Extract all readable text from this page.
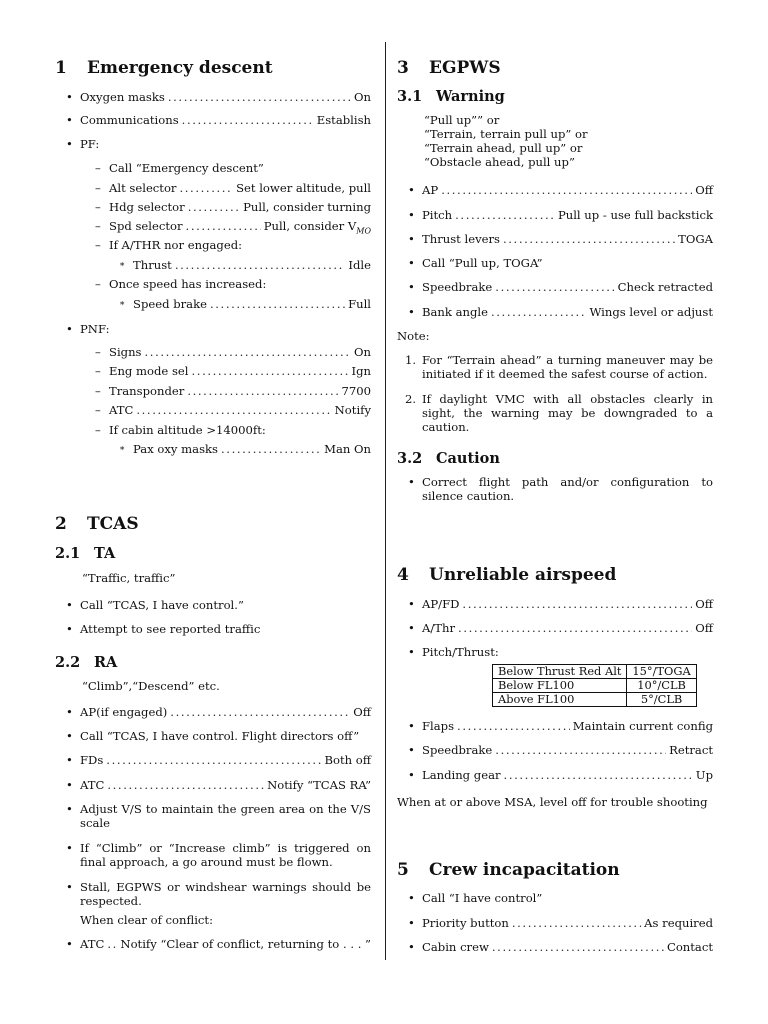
1 Emergency descent
• Oxygen masks .....	On
• Communications .....	Establish
• PF:
– Call “Emergency descent”
– Alt selector .....	Set lower altitude, pull
– Hdg selector .....	Pull, consider turning
– Spd selector .....	Pull, consider $V_{MO}$
– If A/THR nor engaged:
∗ Thrust .....	Idle
– Once speed has increased:
∗ Speed brake .....	Full
• PNF:
– Signs .....	On
– Eng mode sel .....	Ign
– Transponder .....	7700
– ATC .....	Notify
– If cabin altitude >14000ft:
∗ Pax oxy masks .....	Man On
2 TCAS
2.1 TA
“Traffic, traffic”
• Call “TCAS, I have control.”
• Attempt to see reported traffic
2.2 RA
“Climb”,“Descend” etc.
• AP(if engaged) .....	Off
• Call “TCAS, I have control. Flight directors off”
• FDs .....	Both off
• ATC .....	Notify “TCAS RA”
• Adjust V/S to maintain the green area on the V/S scale
• If “Climb” or “Increase climb” is triggered on final approach, a go around must be flown.
• Stall, EGPWS or windshear warnings should be respected.
When clear of conflict:
• ATC ..... Notify “Clear of conflict, returning to . . . ”
3 EGPWS
3.1 Warning
“Pull up”” or
“Terrain, terrain pull up” or
“Terrain ahead, pull up” or
“Obstacle ahead, pull up”
• AP .....	Off
• Pitch .....	Pull up - use full backstick
• Thrust levers .....	TOGA
• Call “Pull up, TOGA”
• Speedbrake .....	Check retracted
• Bank angle .....	Wings level or adjust
Note:
1. For “Terrain ahead” a turning maneuver may be initiated if it deemed the safest course of action.
2. If daylight VMC with all obstacles clearly in sight, the warning may be downgraded to a caution.
3.2 Caution
• Correct flight path and/or configuration to silence caution.
4 Unreliable airspeed
• AP/FD .....	Off
• A/Thr .....	Off
• Pitch/Thrust:
Below Thrust Red Alt	15°/TOGA
Below FL100	10°/CLB
Above FL100	5°/CLB
• Flaps .....	Maintain current config
• Speedbrake .....	Retract
• Landing gear .....	Up
When at or above MSA, level off for trouble shooting
5 Crew incapacitation
• Call “I have control”
• Priority button .....	As required
• Cabin crew .....	Contact
